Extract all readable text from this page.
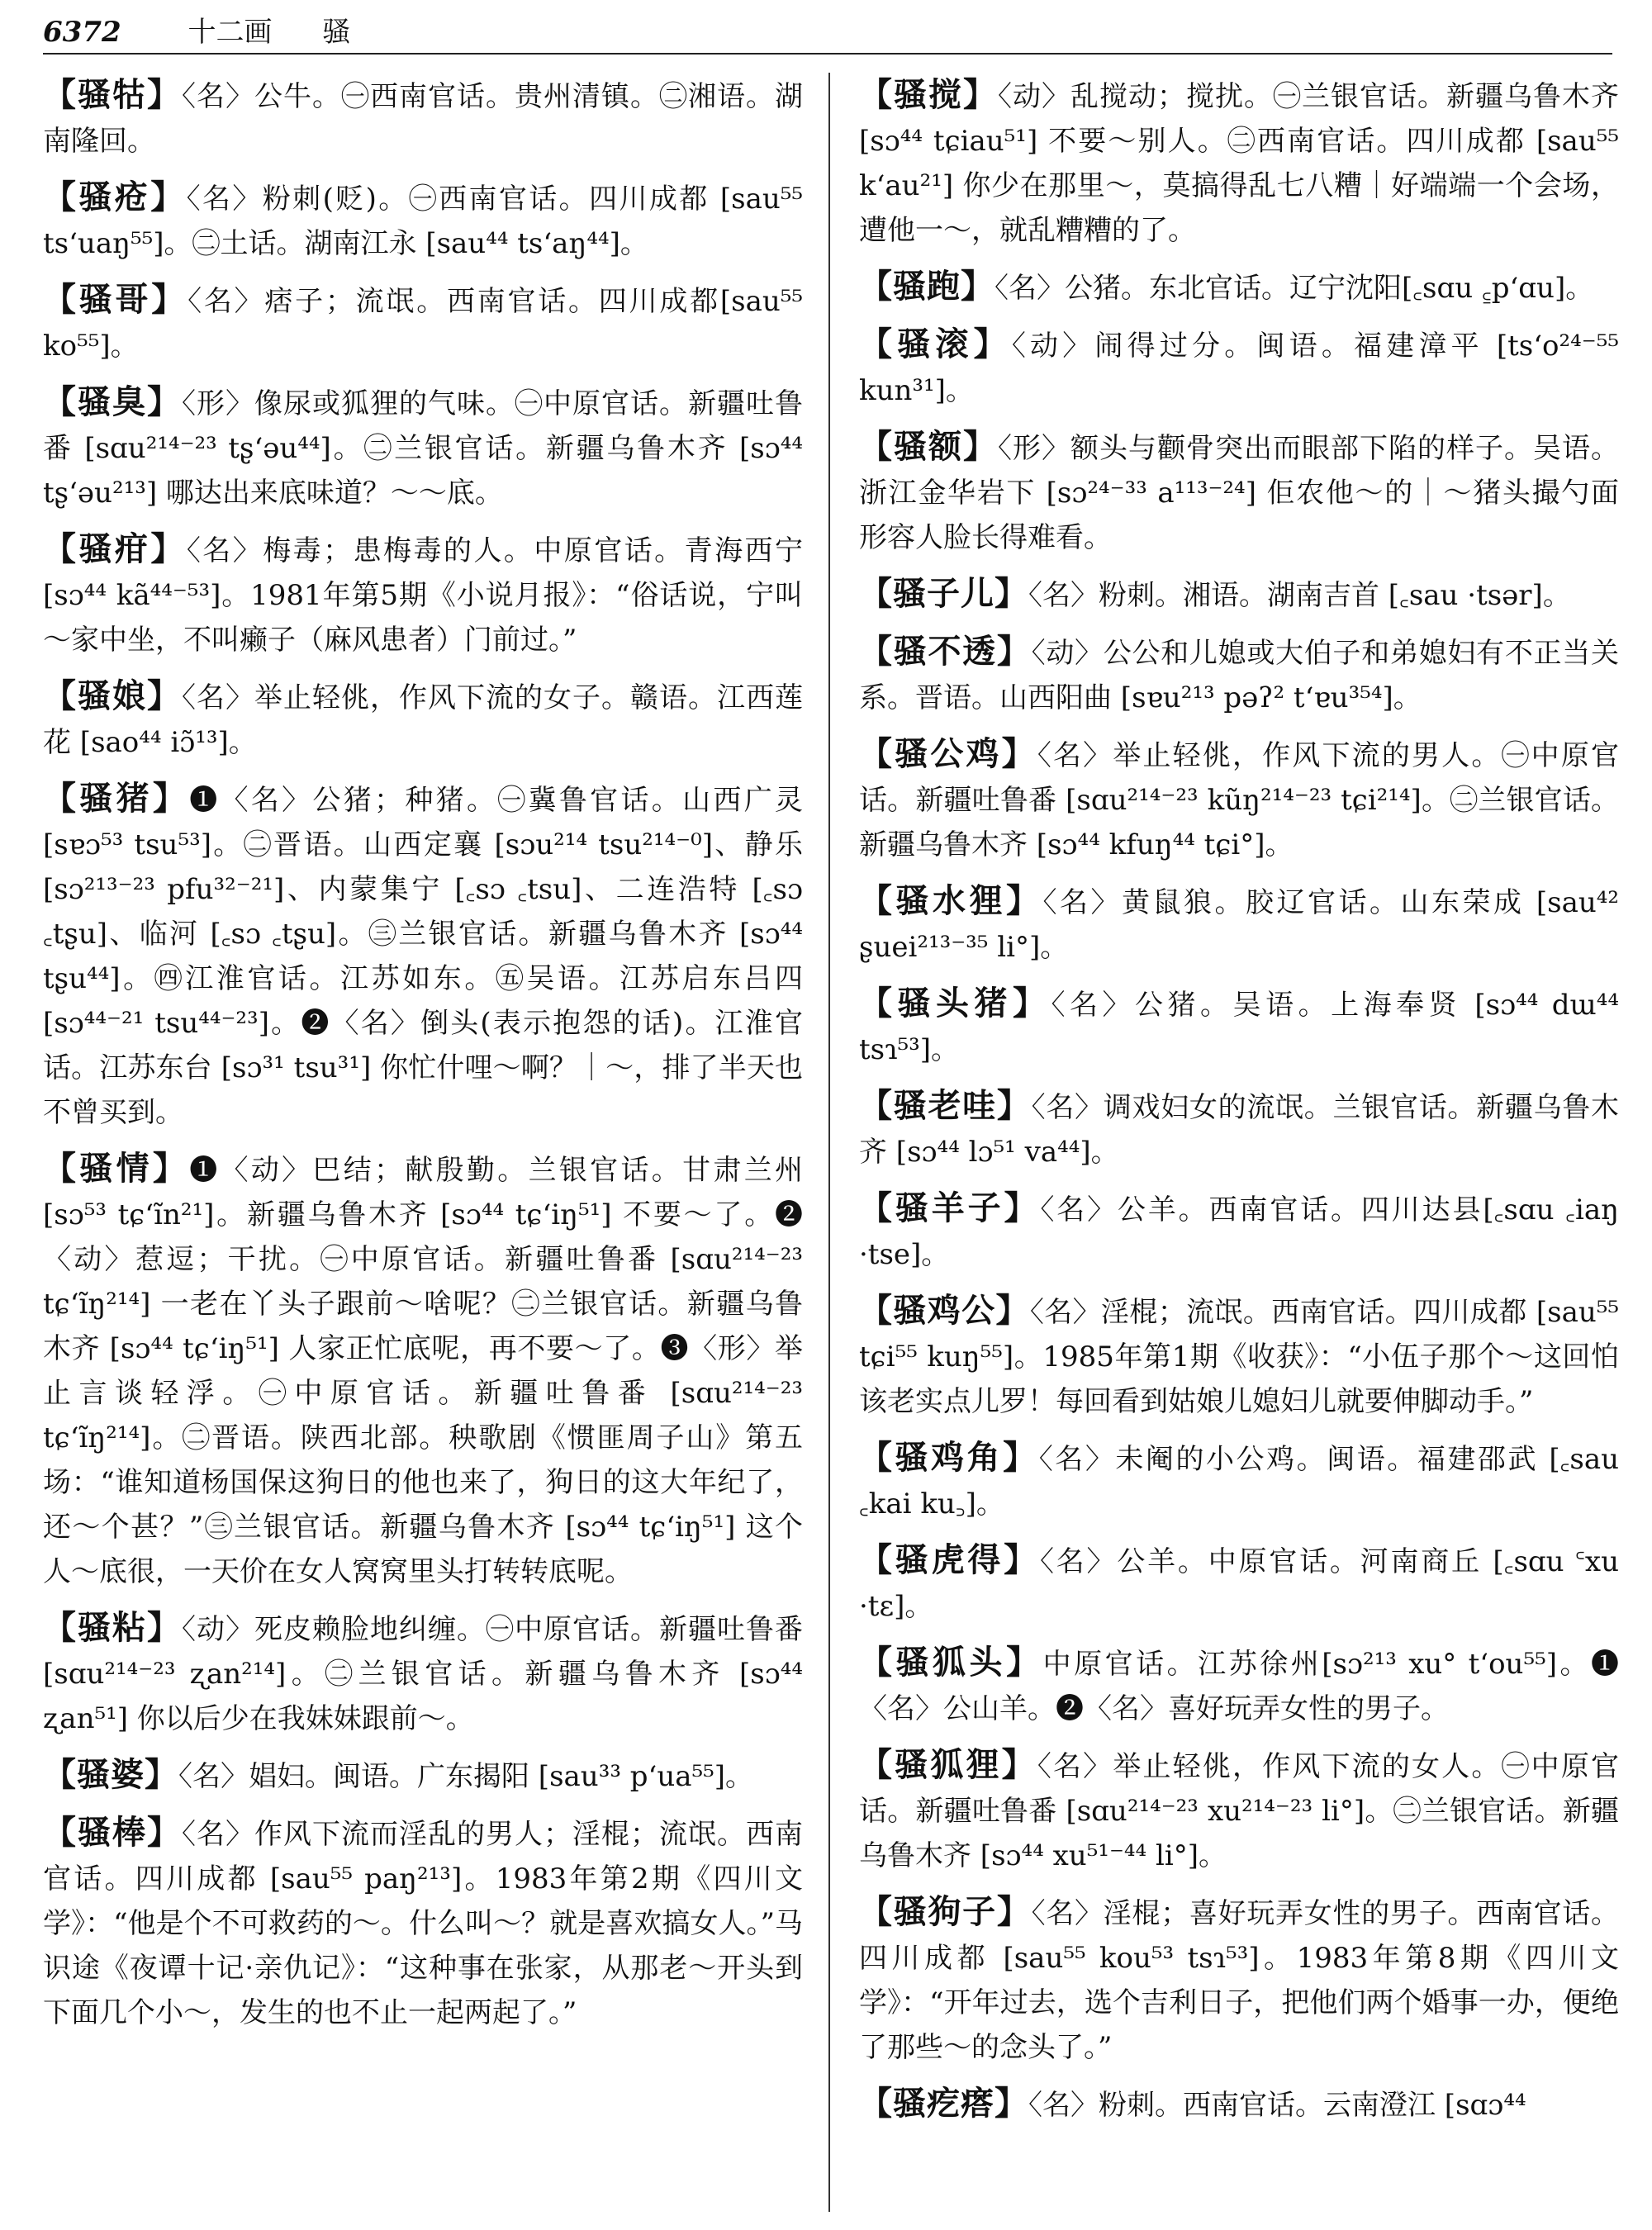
6372 十二画 骚

【骚牯】〈名〉公牛。㊀西南官话。贵州清镇。㊁湘语。湖南隆回。

【骚疮】〈名〉粉刺(贬)。㊀西南官话。四川成都 [sau⁵⁵ tsʻuaŋ⁵⁵]。㊁土话。湖南江永 [sau⁴⁴ tsʻaŋ⁴⁴]。

【骚哥】〈名〉痞子；流氓。西南官话。四川成都[sau⁵⁵ ko⁵⁵]。

【骚臭】〈形〉像尿或狐狸的气味。㊀中原官话。新疆吐鲁番 [sɑu²¹⁴⁻²³ tʂʻəu⁴⁴]。㊁兰银官话。新疆乌鲁木齐 [sɔ⁴⁴ tʂʻəu²¹³] 哪达出来底味道？～～底。

【骚疳】〈名〉梅毒；患梅毒的人。中原官话。青海西宁 [sɔ⁴⁴ kã⁴⁴⁻⁵³]。1981年第5期《小说月报》：“俗话说，宁叫～家中坐，不叫癞子（麻风患者）门前过。”

【骚娘】〈名〉举止轻佻，作风下流的女子。赣语。江西莲花 [sao⁴⁴ iɔ̃¹³]。

【骚猪】❶〈名〉公猪；种猪。㊀冀鲁官话。山西广灵 [sɐɔ⁵³ tsu⁵³]。㊁晋语。山西定襄 [sɔu²¹⁴ tsu²¹⁴⁻⁰]、静乐 [sɔ²¹³⁻²³ pfu³²⁻²¹]、内蒙集宁 [꜀sɔ ꜀tsu]、二连浩特 [꜀sɔ ꜀tʂu]、临河 [꜀sɔ ꜀tʂu]。㊂兰银官话。新疆乌鲁木齐 [sɔ⁴⁴ tʂu⁴⁴]。㊃江淮官话。江苏如东。㊄吴语。江苏启东吕四 [sɔ⁴⁴⁻²¹ tsu⁴⁴⁻²³]。❷〈名〉倒头(表示抱怨的话)。江淮官话。江苏东台 [sɔ³¹ tsu³¹] 你忙什哩～啊？｜～，排了半天也不曾买到。

【骚情】❶〈动〉巴结；献殷勤。兰银官话。甘肃兰州 [sɔ⁵³ tɕʻĩn²¹]。新疆乌鲁木齐 [sɔ⁴⁴ tɕʻiŋ⁵¹] 不要～了。❷〈动〉惹逗；干扰。㊀中原官话。新疆吐鲁番 [sɑu²¹⁴⁻²³ tɕʻĩŋ²¹⁴] 一老在丫头子跟前～啥呢？㊁兰银官话。新疆乌鲁木齐 [sɔ⁴⁴ tɕʻiŋ⁵¹] 人家正忙底呢，再不要～了。❸〈形〉举止言谈轻浮。㊀中原官话。新疆吐鲁番 [sɑu²¹⁴⁻²³ tɕʻĩŋ²¹⁴]。㊁晋语。陕西北部。秧歌剧《惯匪周子山》第五场：“谁知道杨国保这狗日的他也来了，狗日的这大年纪了，还～个甚？”㊂兰银官话。新疆乌鲁木齐 [sɔ⁴⁴ tɕʻiŋ⁵¹] 这个人～底很，一天价在女人窝窝里头打转转底呢。

【骚粘】〈动〉死皮赖脸地纠缠。㊀中原官话。新疆吐鲁番 [sɑu²¹⁴⁻²³ ʐan²¹⁴]。㊁兰银官话。新疆乌鲁木齐 [sɔ⁴⁴ ʐan⁵¹] 你以后少在我妹妹跟前～。

【骚婆】〈名〉娼妇。闽语。广东揭阳 [sau³³ pʻua⁵⁵]。

【骚棒】〈名〉作风下流而淫乱的男人；淫棍；流氓。西南官话。四川成都 [sau⁵⁵ paŋ²¹³]。1983年第2期《四川文学》：“他是个不可救药的～。什么叫～？就是喜欢搞女人。”马识途《夜谭十记·亲仇记》：“这种事在张家，从那老～开头到下面几个小～，发生的也不止一起两起了。”

【骚搅】〈动〉乱搅动；搅扰。㊀兰银官话。新疆乌鲁木齐 [sɔ⁴⁴ tɕiau⁵¹] 不要～别人。㊁西南官话。四川成都 [sau⁵⁵ kʻau²¹] 你少在那里～，莫搞得乱七八糟｜好端端一个会场，遭他一～，就乱糟糟的了。

【骚跑】〈名〉公猪。东北官话。辽宁沈阳[꜀sɑu ꜁pʻɑu]。

【骚滚】〈动〉闹得过分。闽语。福建漳平 [tsʻo²⁴⁻⁵⁵ kun³¹]。

【骚额】〈形〉额头与颧骨突出而眼部下陷的样子。吴语。浙江金华岩下 [sɔ²⁴⁻³³ a¹¹³⁻²⁴] 佢农他～的｜～猪头撮勺面形容人脸长得难看。

【骚子儿】〈名〉粉刺。湘语。湖南吉首 [꜀sau ·tsər]。

【骚不透】〈动〉公公和儿媳或大伯子和弟媳妇有不正当关系。晋语。山西阳曲 [sɐu²¹³ pəʔ² tʻɐu³⁵⁴]。

【骚公鸡】〈名〉举止轻佻，作风下流的男人。㊀中原官话。新疆吐鲁番 [sɑu²¹⁴⁻²³ kũŋ²¹⁴⁻²³ tɕi²¹⁴]。㊁兰银官话。新疆乌鲁木齐 [sɔ⁴⁴ kfuŋ⁴⁴ tɕi°]。

【骚水狸】〈名〉黄鼠狼。胶辽官话。山东荣成 [sau⁴² ʂuei²¹³⁻³⁵ li°]。

【骚头猪】〈名〉公猪。吴语。上海奉贤 [sɔ⁴⁴ dɯ⁴⁴ tsɿ⁵³]。

【骚老哇】〈名〉调戏妇女的流氓。兰银官话。新疆乌鲁木齐 [sɔ⁴⁴ lɔ⁵¹ va⁴⁴]。

【骚羊子】〈名〉公羊。西南官话。四川达县[꜀sɑu ꜀iaŋ ·tse]。

【骚鸡公】〈名〉淫棍；流氓。西南官话。四川成都 [sau⁵⁵ tɕi⁵⁵ kuŋ⁵⁵]。1985年第1期《收获》：“小伍子那个～这回怕该老实点儿罗！每回看到姑娘儿媳妇儿就要伸脚动手。”

【骚鸡角】〈名〉未阉的小公鸡。闽语。福建邵武 [꜀sau ꜀kai ku꜆]。

【骚虎得】〈名〉公羊。中原官话。河南商丘 [꜀sɑu ꜂xu ·tɛ]。

【骚狐头】中原官话。江苏徐州[sɔ²¹³ xu° tʻou⁵⁵]。❶〈名〉公山羊。❷〈名〉喜好玩弄女性的男子。

【骚狐狸】〈名〉举止轻佻，作风下流的女人。㊀中原官话。新疆吐鲁番 [sɑu²¹⁴⁻²³ xu²¹⁴⁻²³ li°]。㊁兰银官话。新疆乌鲁木齐 [sɔ⁴⁴ xu⁵¹⁻⁴⁴ li°]。

【骚狗子】〈名〉淫棍；喜好玩弄女性的男子。西南官话。四川成都 [sau⁵⁵ kou⁵³ tsɿ⁵³]。1983年第8期《四川文学》：“开年过去，选个吉利日子，把他们两个婚事一办，便绝了那些～的念头了。”

【骚疙瘩】〈名〉粉刺。西南官话。云南澄江 [sɑɔ⁴⁴
